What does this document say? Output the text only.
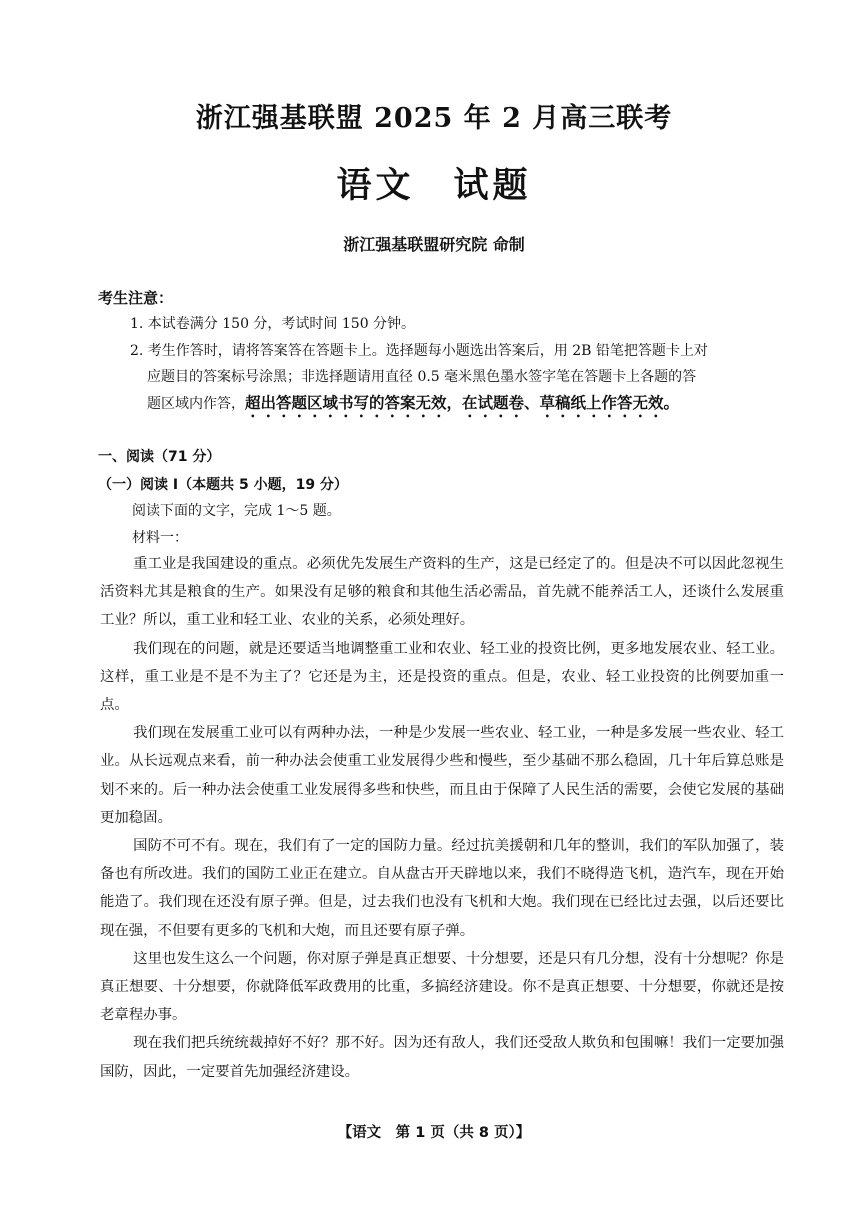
浙江强基联盟 2025 年 2 月高三联考
语文　试题
浙江强基联盟研究院 命制
考生注意：
1. 本试卷满分 150 分，考试时间 150 分钟。
2. 考生作答时，请将答案答在答题卡上。选择题每小题选出答案后，用 2B 铅笔把答题卡上对
应题目的答案标号涂黑；非选择题请用直径 0.5 毫米黑色墨水签字笔在答题卡上各题的答
题区域内作答，超出答题区域书写的答案无效，在试题卷、草稿纸上作答无效。
一、阅读（71 分）
（一）阅读 Ⅰ（本题共 5 小题，19 分）
阅读下面的文字，完成 1～5 题。
材料一：

重工业是我国建设的重点。必须优先发展生产资料的生产，这是已经定了的。但是决不可以因此忽视生活资料尤其是粮食的生产。如果没有足够的粮食和其他生活必需品，首先就不能养活工人，还谈什么发展重工业？所以，重工业和轻工业、农业的关系，必须处理好。

我们现在的问题，就是还要适当地调整重工业和农业、轻工业的投资比例，更多地发展农业、轻工业。这样，重工业是不是不为主了？它还是为主，还是投资的重点。但是，农业、轻工业投资的比例要加重一点。

我们现在发展重工业可以有两种办法，一种是少发展一些农业、轻工业，一种是多发展一些农业、轻工业。从长远观点来看，前一种办法会使重工业发展得少些和慢些，至少基础不那么稳固，几十年后算总账是划不来的。后一种办法会使重工业发展得多些和快些，而且由于保障了人民生活的需要，会使它发展的基础更加稳固。

国防不可不有。现在，我们有了一定的国防力量。经过抗美援朝和几年的整训，我们的军队加强了，装备也有所改进。我们的国防工业正在建立。自从盘古开天辟地以来，我们不晓得造飞机，造汽车，现在开始能造了。我们现在还没有原子弹。但是，过去我们也没有飞机和大炮。我们现在已经比过去强，以后还要比现在强，不但要有更多的飞机和大炮，而且还要有原子弹。

这里也发生这么一个问题，你对原子弹是真正想要、十分想要，还是只有几分想，没有十分想呢？你是真正想要、十分想要，你就降低军政费用的比重，多搞经济建设。你不是真正想要、十分想要，你就还是按老章程办事。

现在我们把兵统统裁掉好不好？那不好。因为还有敌人，我们还受敌人欺负和包围嘛！我们一定要加强国防，因此，一定要首先加强经济建设。

【语文　第 1 页（共 8 页）】
